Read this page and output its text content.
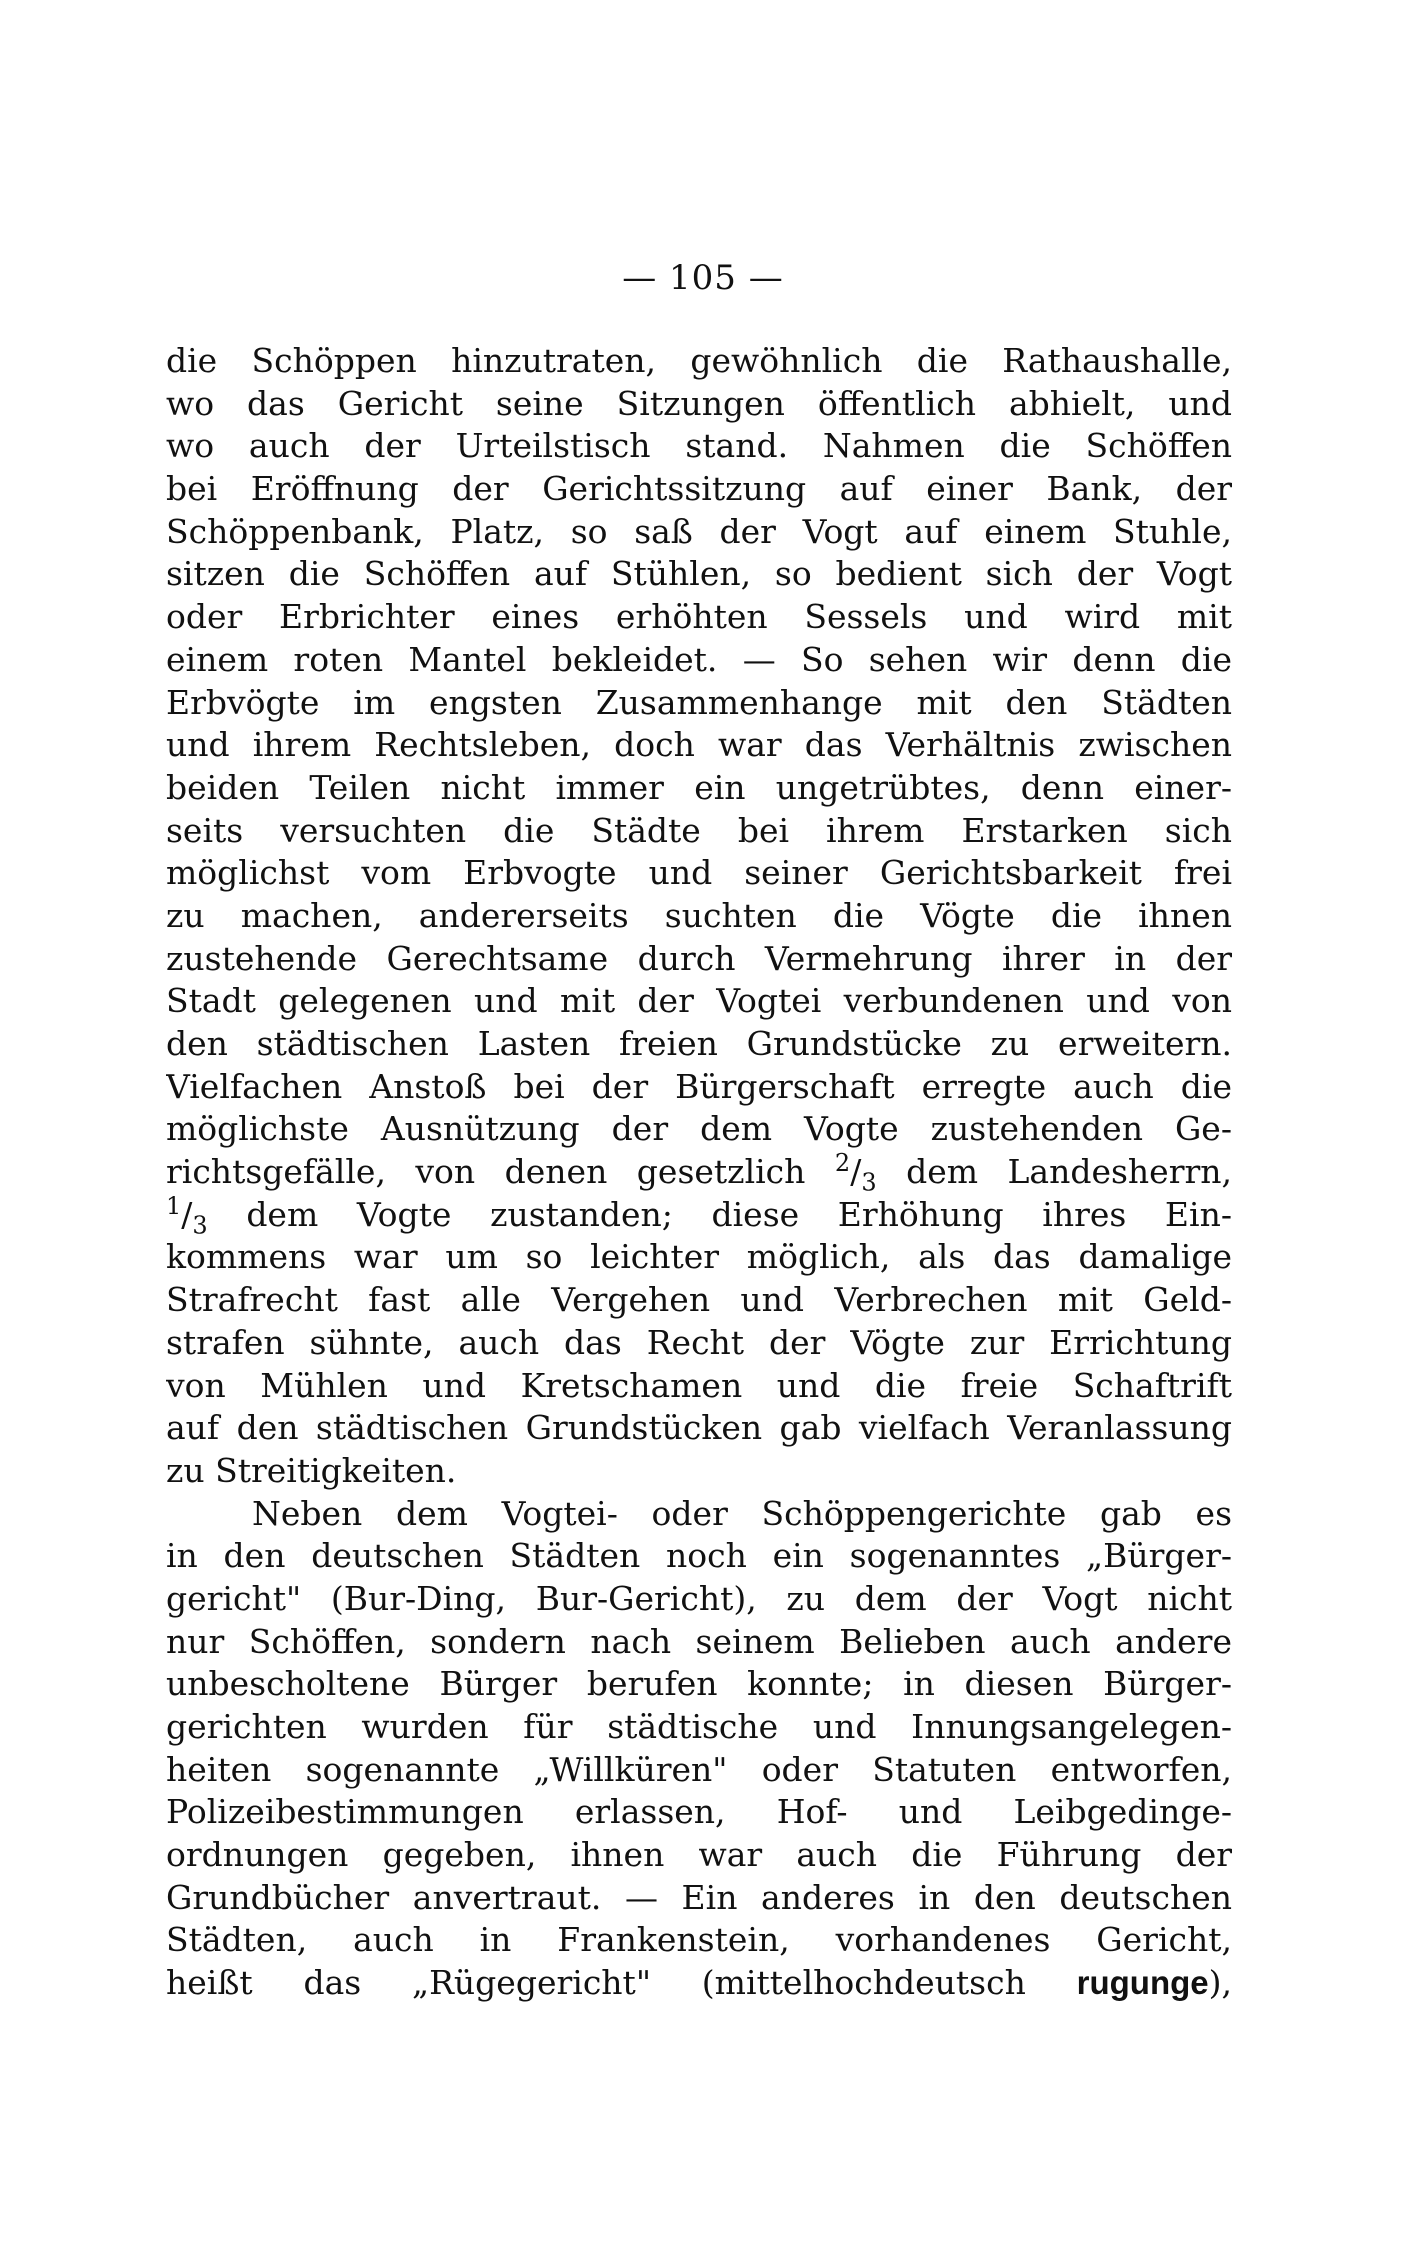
— 105 —
die Schöppen hinzutraten, gewöhnlich die Rathaushalle,
wo das Gericht seine Sitzungen öffentlich abhielt, und
wo auch der Urteilstisch stand. Nahmen die Schöffen
bei Eröffnung der Gerichtssitzung auf einer Bank, der
Schöppenbank, Platz, so saß der Vogt auf einem Stuhle,
sitzen die Schöffen auf Stühlen, so bedient sich der Vogt
oder Erbrichter eines erhöhten Sessels und wird mit
einem roten Mantel bekleidet. — So sehen wir denn die
Erbvögte im engsten Zusammenhange mit den Städten
und ihrem Rechtsleben, doch war das Verhältnis zwischen
beiden Teilen nicht immer ein ungetrübtes, denn einer-
seits versuchten die Städte bei ihrem Erstarken sich
möglichst vom Erbvogte und seiner Gerichtsbarkeit frei
zu machen, andererseits suchten die Vögte die ihnen
zustehende Gerechtsame durch Vermehrung ihrer in der
Stadt gelegenen und mit der Vogtei verbundenen und von
den städtischen Lasten freien Grundstücke zu erweitern.
Vielfachen Anstoß bei der Bürgerschaft erregte auch die
möglichste Ausnützung der dem Vogte zustehenden Ge-
richtsgefälle, von denen gesetzlich $^2/_3$ dem Landesherrn,
$^1/_3$ dem Vogte zustanden; diese Erhöhung ihres Ein-
kommens war um so leichter möglich, als das damalige
Strafrecht fast alle Vergehen und Verbrechen mit Geld-
strafen sühnte, auch das Recht der Vögte zur Errichtung
von Mühlen und Kretschamen und die freie Schaftrift
auf den städtischen Grundstücken gab vielfach Veranlassung
zu Streitigkeiten.
Neben dem Vogtei- oder Schöppengerichte gab es
in den deutschen Städten noch ein sogenanntes „Bürger-
gericht" (Bur-Ding, Bur-Gericht), zu dem der Vogt nicht
nur Schöffen, sondern nach seinem Belieben auch andere
unbescholtene Bürger berufen konnte; in diesen Bürger-
gerichten wurden für städtische und Innungsangelegen-
heiten sogenannte „Willküren" oder Statuten entworfen,
Polizeibestimmungen erlassen, Hof- und Leibgedinge-
ordnungen gegeben, ihnen war auch die Führung der
Grundbücher anvertraut. — Ein anderes in den deutschen
Städten, auch in Frankenstein, vorhandenes Gericht,
heißt das „Rügegericht" (mittelhochdeutsch rugunge),
